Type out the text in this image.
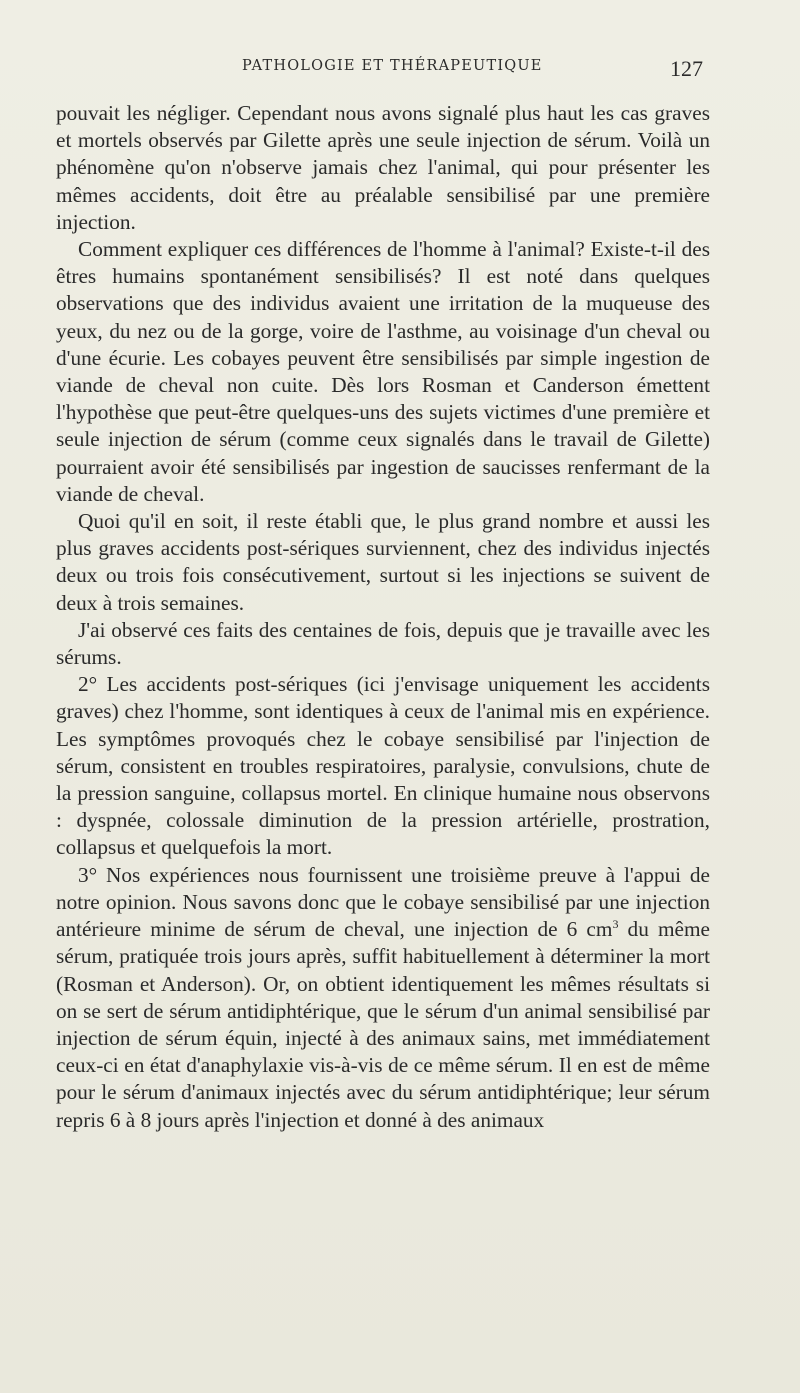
PATHOLOGIE ET THÉRAPEUTIQUE	127

pouvait les négliger. Cependant nous avons signalé plus haut les cas graves et mortels observés par Gilette après une seule injection de sérum. Voilà un phénomène qu'on n'observe jamais chez l'animal, qui pour présenter les mêmes accidents, doit être au préalable sensibilisé par une première injection.

Comment expliquer ces différences de l'homme à l'animal? Existe-t-il des êtres humains spontanément sensibilisés? Il est noté dans quelques observations que des individus avaient une irritation de la muqueuse des yeux, du nez ou de la gorge, voire de l'asthme, au voisinage d'un cheval ou d'une écurie. Les cobayes peuvent être sensibilisés par simple ingestion de viande de cheval non cuite. Dès lors Rosman et Canderson émettent l'hypothèse que peut-être quelques-uns des sujets victimes d'une première et seule injection de sérum (comme ceux signalés dans le travail de Gilette) pourraient avoir été sensibilisés par ingestion de saucisses renfermant de la viande de cheval.

Quoi qu'il en soit, il reste établi que, le plus grand nombre et aussi les plus graves accidents post-sériques surviennent, chez des individus injectés deux ou trois fois consécutivement, surtout si les injections se suivent de deux à trois semaines.

J'ai observé ces faits des centaines de fois, depuis que je travaille avec les sérums.

2° Les accidents post-sériques (ici j'envisage uniquement les accidents graves) chez l'homme, sont identiques à ceux de l'animal mis en expérience. Les symptômes provoqués chez le cobaye sensibilisé par l'injection de sérum, consistent en troubles respiratoires, paralysie, convulsions, chute de la pression sanguine, collapsus mortel. En clinique humaine nous observons : dyspnée, colossale diminution de la pression artérielle, prostration, collapsus et quelquefois la mort.

3° Nos expériences nous fournissent une troisième preuve à l'appui de notre opinion. Nous savons donc que le cobaye sensibilisé par une injection antérieure minime de sérum de cheval, une injection de 6 $cm^3$ du même sérum, pratiquée trois jours après, suffit habituellement à déterminer la mort (Rosman et Anderson). Or, on obtient identiquement les mêmes résultats si on se sert de sérum antidiphtérique, que le sérum d'un animal sensibilisé par injection de sérum équin, injecté à des animaux sains, met immédiatement ceux-ci en état d'anaphylaxie vis-à-vis de ce même sérum. Il en est de même pour le sérum d'animaux injectés avec du sérum antidiphtérique; leur sérum repris 6 à 8 jours après l'injection et donné à des animaux
